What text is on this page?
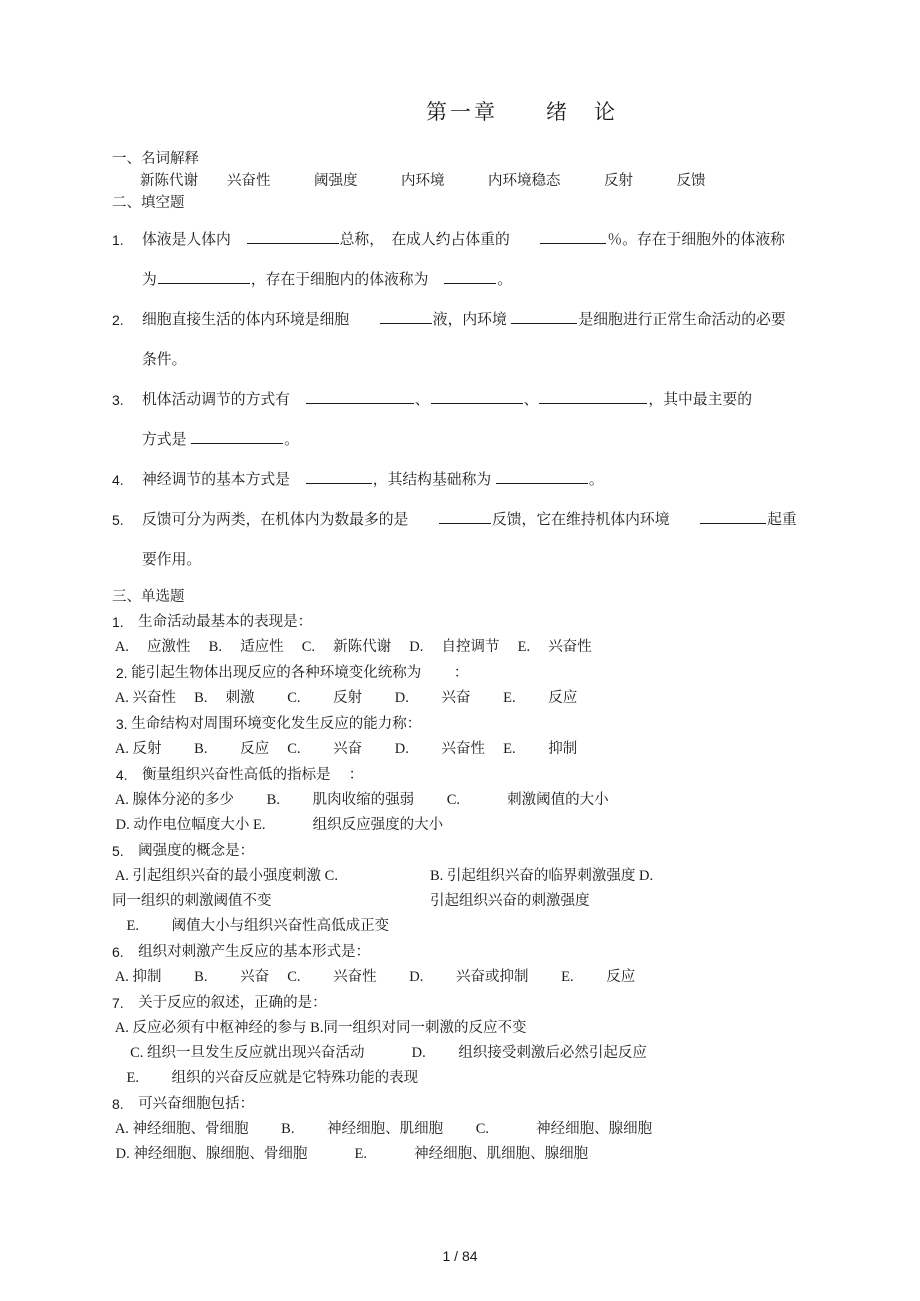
第一章　　绪　论
一、名词解释
新陈代谢　　兴奋性　　　阈强度　　　内环境　　　内环境稳态　　　反射　　　反馈
二、填空题
1.	体液是人体内　	总称，　在成人约占体重的　　	％。存在于细胞外的体液称
为	，存在于细胞内的体液称为　	。
2.	细胞直接生活的体内环境是细胞　　	液，内环境	是细胞进行正常生命活动的必要
条件。
3.	机体活动调节的方式有　	、	、	，其中最主要的
方式是	。
4.	神经调节的基本方式是　	，其结构基础称为	。
5.	反馈可分为两类，在机体内为数最多的是　　	反馈，它在维持机体内环境　　	起重
要作用。
三、单选题
1. 　生命活动最基本的表现是：
A.　 应激性　 B.　 适应性　 C.　 新陈代谢　 D.　 自控调节　 E.　 兴奋性
2. 能引起生物体出现反应的各种环境变化统称为　　 ：
A. 兴奋性　 B.　 刺激　　 C.　　 反射　　 D.　　 兴奋　　 E.　　 反应
3. 生命结构对周围环境变化发生反应的能力称：
A. 反射　　 B.　　 反应　 C.　　 兴奋　　 D.　　 兴奋性　 E.　　 抑制
4. 　衡量组织兴奋性高低的指标是　 ：
A. 腺体分泌的多少　　 B.　　 肌肉收缩的强弱　　 C.　　　 刺激阈值的大小
D. 动作电位幅度大小 E.　　　 组织反应强度的大小
5. 　阈强度的概念是：
A. 引起组织兴奋的最小强度刺激 C.	B. 引起组织兴奋的临界刺激强度 D.
同一组织的刺激阈值不变	引起组织兴奋的刺激强度
　E.　　 阈值大小与组织兴奋性高低成正变
6. 　组织对刺激产生反应的基本形式是：
A. 抑制　　 B.　　 兴奋　 C.　　 兴奋性　　 D.　　 兴奋或抑制　　 E.　　 反应
7. 　关于反应的叙述，正确的是：
A. 反应必须有中枢神经的参与 B.同一组织对同一刺激的反应不变
　 C. 组织一旦发生反应就出现兴奋活动　　　 D.　　 组织接受刺激后必然引起反应
　E.　　 组织的兴奋反应就是它特殊功能的表现
8. 　可兴奋细胞包括：
A. 神经细胞、骨细胞　　 B.　　 神经细胞、肌细胞　　 C.　　　 神经细胞、腺细胞
D. 神经细胞、腺细胞、骨细胞　　　 E.　　　 神经细胞、肌细胞、腺细胞
1 / 84
